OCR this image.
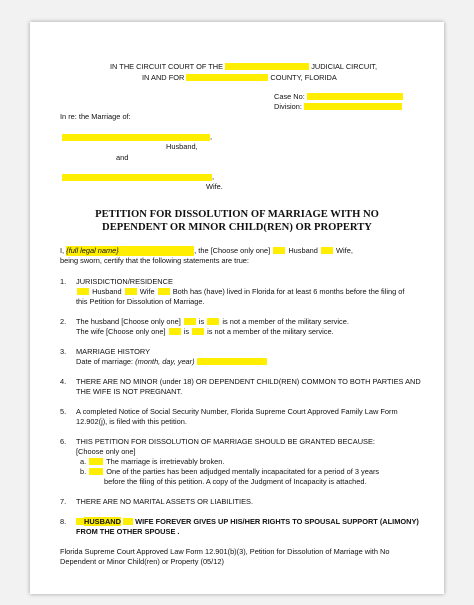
IN THE CIRCUIT COURT OF THE	JUDICIAL CIRCUIT,
IN AND FOR	COUNTY, FLORIDA
Case No:
Division:
In re: the Marriage of:
,
Husband,
and
,
Wife.
PETITION FOR DISSOLUTION OF MARRIAGE WITH NO
DEPENDENT OR MINOR CHILD(REN) OR PROPERTY
I, {full legal name}	, the [Choose only one] Husband Wife,
being sworn, certify that the following statements are true:
1. JURISDICTION/RESIDENCE
Husband Wife Both has (have) lived in Florida for at least 6 months before the filing of
this Petition for Dissolution of Marriage.
2. The husband [Choose only one] is is not a member of the military service.
The wife [Choose only one] is is not a member of the military service.
3. MARRIAGE HISTORY
Date of marriage: (month, day, year)
4. THERE ARE NO MINOR (under 18) OR DEPENDENT CHILD(REN) COMMON TO BOTH PARTIES AND
THE WIFE IS NOT PREGNANT.
5. A completed Notice of Social Security Number, Florida Supreme Court Approved Family Law Form
12.902(j), is filed with this petition.
6. THIS PETITION FOR DISSOLUTION OF MARRIAGE SHOULD BE GRANTED BECAUSE:
[Choose only one]
a.	The marriage is irretrievably broken.
b.	One of the parties has been adjudged mentally incapacitated for a period of 3 years
before the filing of this petition. A copy of the Judgment of Incapacity is attached.
7. THERE ARE NO MARITAL ASSETS OR LIABILITIES.
8.	HUSBAND WIFE FOREVER GIVES UP HIS/HER RIGHTS TO SPOUSAL SUPPORT (ALIMONY)
FROM THE OTHER SPOUSE .
Florida Supreme Court Approved Law Form 12.901(b)(3), Petition for Dissolution of Marriage with No
Dependent or Minor Child(ren) or Property (05/12)
